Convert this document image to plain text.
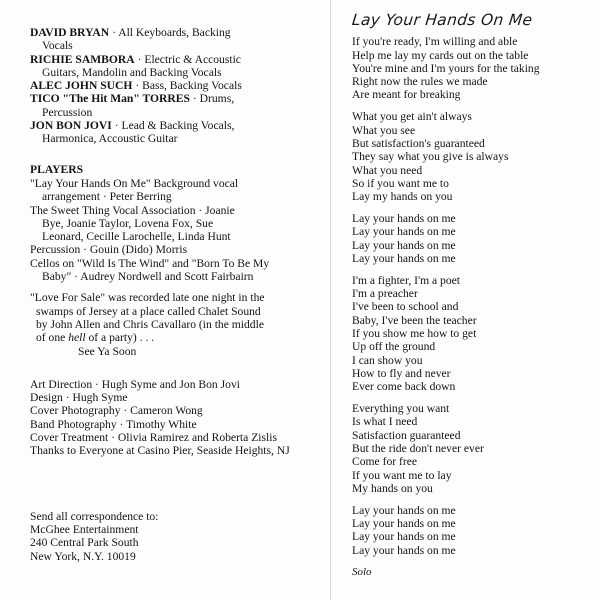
DAVID BRYAN · All Keyboards, Backing
Vocals

RICHIE SAMBORA · Electric & Accoustic
Guitars, Mandolin and Backing Vocals

ALEC JOHN SUCH · Bass, Backing Vocals

TICO "The Hit Man" TORRES · Drums,
Percussion

JON BON JOVI · Lead & Backing Vocals,
Harmonica, Accoustic Guitar

PLAYERS

"Lay Your Hands On Me" Background vocal
arrangement · Peter Berring

The Sweet Thing Vocal Association · Joanie
Bye, Joanie Taylor, Lovena Fox, Sue
Leonard, Cecille Larochelle, Linda Hunt

Percussion · Gouin (Dido) Morris

Cellos on "Wild Is The Wind" and "Born To Be My
Baby" · Audrey Nordwell and Scott Fairbairn

"Love For Sale" was recorded late one night in the
swamps of Jersey at a place called Chalet Sound
by John Allen and Chris Cavallaro (in the middle
of one hell of a party) . . .
See Ya Soon
Art Direction · Hugh Syme and Jon Bon Jovi
Design · Hugh Syme
Cover Photography · Cameron Wong
Band Photography · Timothy White
Cover Treatment · Olivia Ramirez and Roberta Zislis
Thanks to Everyone at Casino Pier, Seaside Heights, NJ
Send all correspondence to:
McGhee Entertainment
240 Central Park South
New York, N.Y. 10019
Lay Your Hands On Me
If you're ready, I'm willing and able
Help me lay my cards out on the table
You're mine and I'm yours for the taking
Right now the rules we made
Are meant for breaking
What you get ain't always
What you see
But satisfaction's guaranteed
They say what you give is always
What you need
So if you want me to
Lay my hands on you
Lay your hands on me
Lay your hands on me
Lay your hands on me
Lay your hands on me
I'm a fighter, I'm a poet
I'm a preacher
I've been to school and
Baby, I've been the teacher
If you show me how to get
Up off the ground
I can show you
How to fly and never
Ever come back down
Everything you want
Is what I need
Satisfaction guaranteed
But the ride don't never ever
Come for free
If you want me to lay
My hands on you
Lay your hands on me
Lay your hands on me
Lay your hands on me
Lay your hands on me
Solo
